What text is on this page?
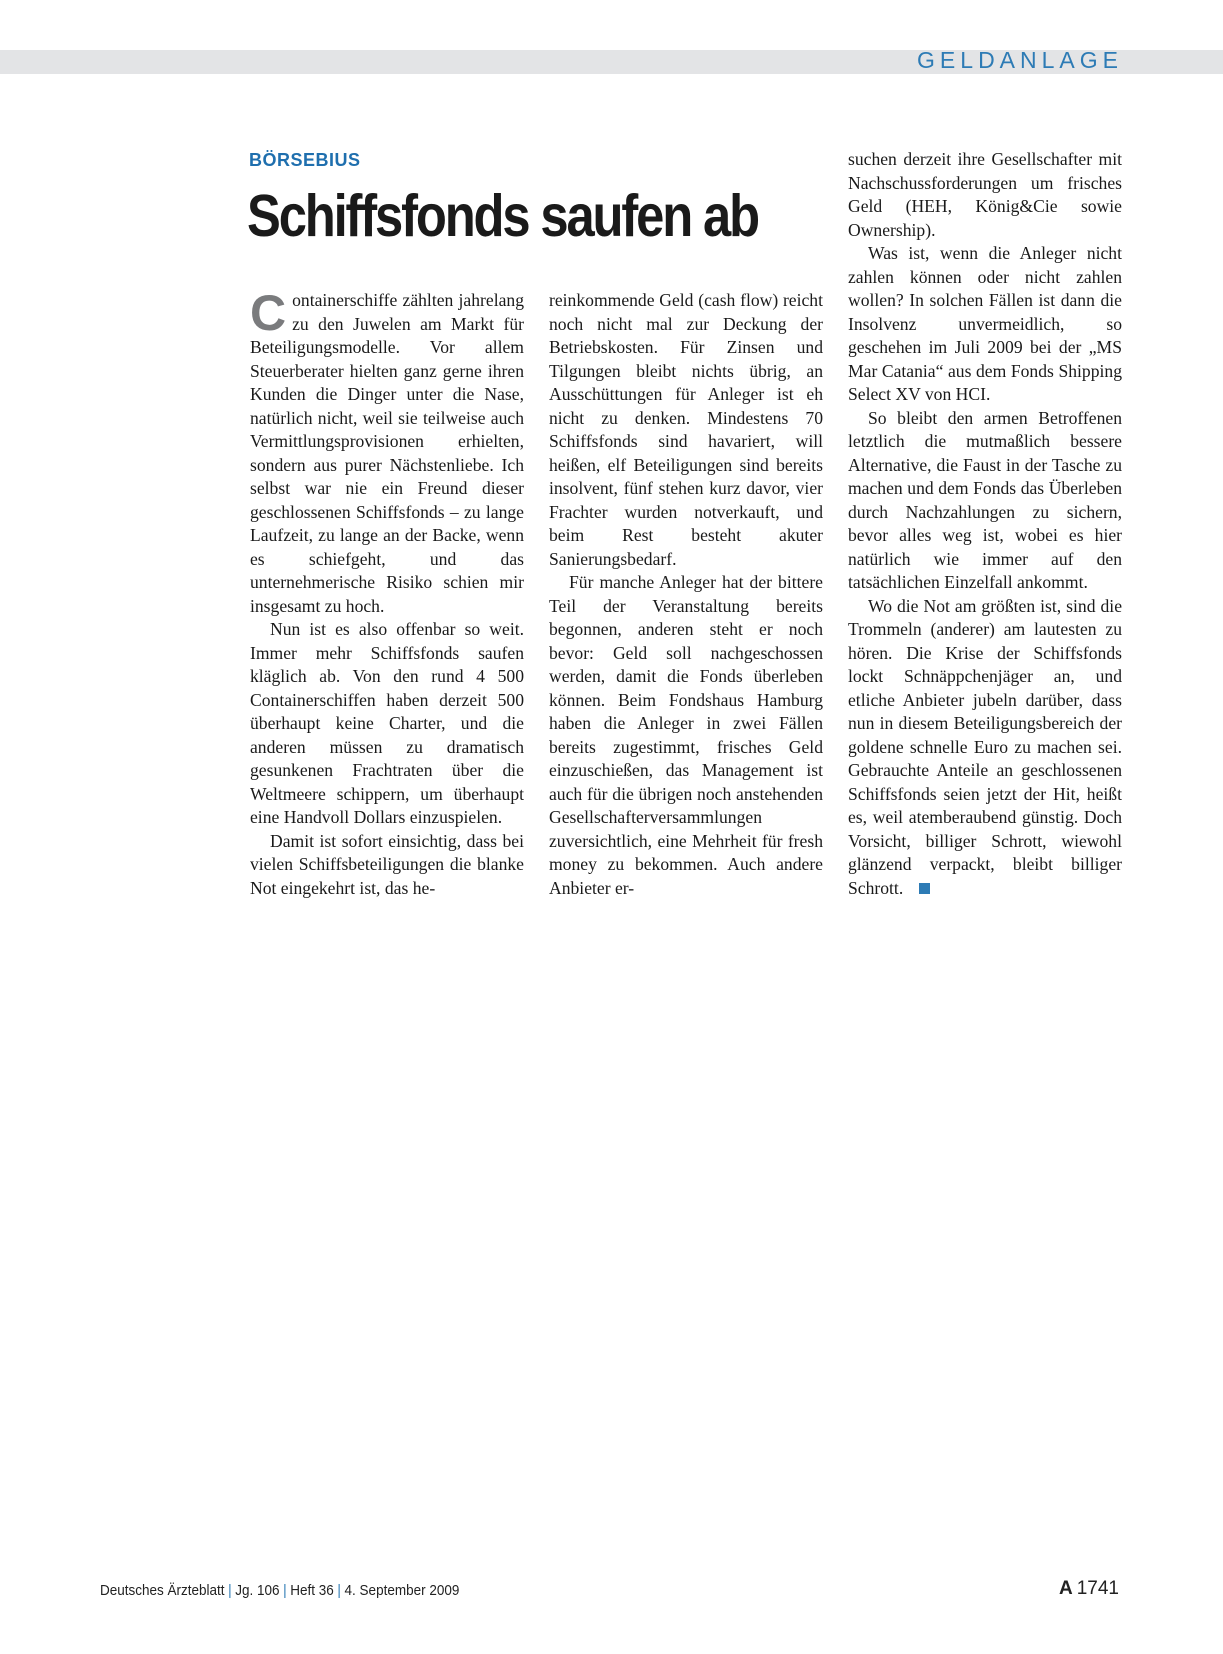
GELDANLAGE
BÖRSEBIUS
Schiffsfonds saufen ab

Containerschiffe zählten jahrelang zu den Juwelen am Markt für Beteiligungsmodelle. Vor allem Steuerberater hielten ganz gerne ihren Kunden die Dinger unter die Nase, natürlich nicht, weil sie teilweise auch Vermittlungsprovisionen erhielten, sondern aus purer Nächstenliebe. Ich selbst war nie ein Freund dieser geschlossenen Schiffsfonds – zu lange Laufzeit, zu lange an der Backe, wenn es schiefgeht, und das unternehmerische Risiko schien mir insgesamt zu hoch.

Nun ist es also offenbar so weit. Immer mehr Schiffsfonds saufen kläglich ab. Von den rund 4 500 Containerschiffen haben derzeit 500 überhaupt keine Charter, und die anderen müssen zu dramatisch gesunkenen Frachtraten über die Weltmeere schippern, um überhaupt eine Handvoll Dollars einzuspielen.

Damit ist sofort einsichtig, dass bei vielen Schiffsbeteiligungen die blanke Not eingekehrt ist, das he-

reinkommende Geld (cash flow) reicht noch nicht mal zur Deckung der Betriebskosten. Für Zinsen und Tilgungen bleibt nichts übrig, an Ausschüttungen für Anleger ist eh nicht zu denken. Mindestens 70 Schiffsfonds sind havariert, will heißen, elf Beteiligungen sind bereits insolvent, fünf stehen kurz davor, vier Frachter wurden notverkauft, und beim Rest besteht akuter Sanierungsbedarf.

Für manche Anleger hat der bittere Teil der Veranstaltung bereits begonnen, anderen steht er noch bevor: Geld soll nachgeschossen werden, damit die Fonds überleben können. Beim Fondshaus Hamburg haben die Anleger in zwei Fällen bereits zugestimmt, frisches Geld einzuschießen, das Management ist auch für die übrigen noch anstehenden Gesellschafterversammlungen zuversichtlich, eine Mehrheit für fresh money zu bekommen. Auch andere Anbieter er-

suchen derzeit ihre Gesellschafter mit Nachschussforderungen um frisches Geld (HEH, König&Cie sowie Ownership).

Was ist, wenn die Anleger nicht zahlen können oder nicht zahlen wollen? In solchen Fällen ist dann die Insolvenz unvermeidlich, so geschehen im Juli 2009 bei der „MS Mar Catania“ aus dem Fonds Shipping Select XV von HCI.

So bleibt den armen Betroffenen letztlich die mutmaßlich bessere Alternative, die Faust in der Tasche zu machen und dem Fonds das Überleben durch Nachzahlungen zu sichern, bevor alles weg ist, wobei es hier natürlich wie immer auf den tatsächlichen Einzelfall ankommt.

Wo die Not am größten ist, sind die Trommeln (anderer) am lautesten zu hören. Die Krise der Schiffsfonds lockt Schnäppchenjäger an, und etliche Anbieter jubeln darüber, dass nun in diesem Beteiligungsbereich der goldene schnelle Euro zu machen sei. Gebrauchte Anteile an geschlossenen Schiffsfonds seien jetzt der Hit, heißt es, weil atemberaubend günstig. Doch Vorsicht, billiger Schrott, wiewohl glänzend verpackt, bleibt billiger Schrott.

Deutsches Ärzteblatt | Jg. 106 | Heft 36 | 4. September 2009	A 1741
